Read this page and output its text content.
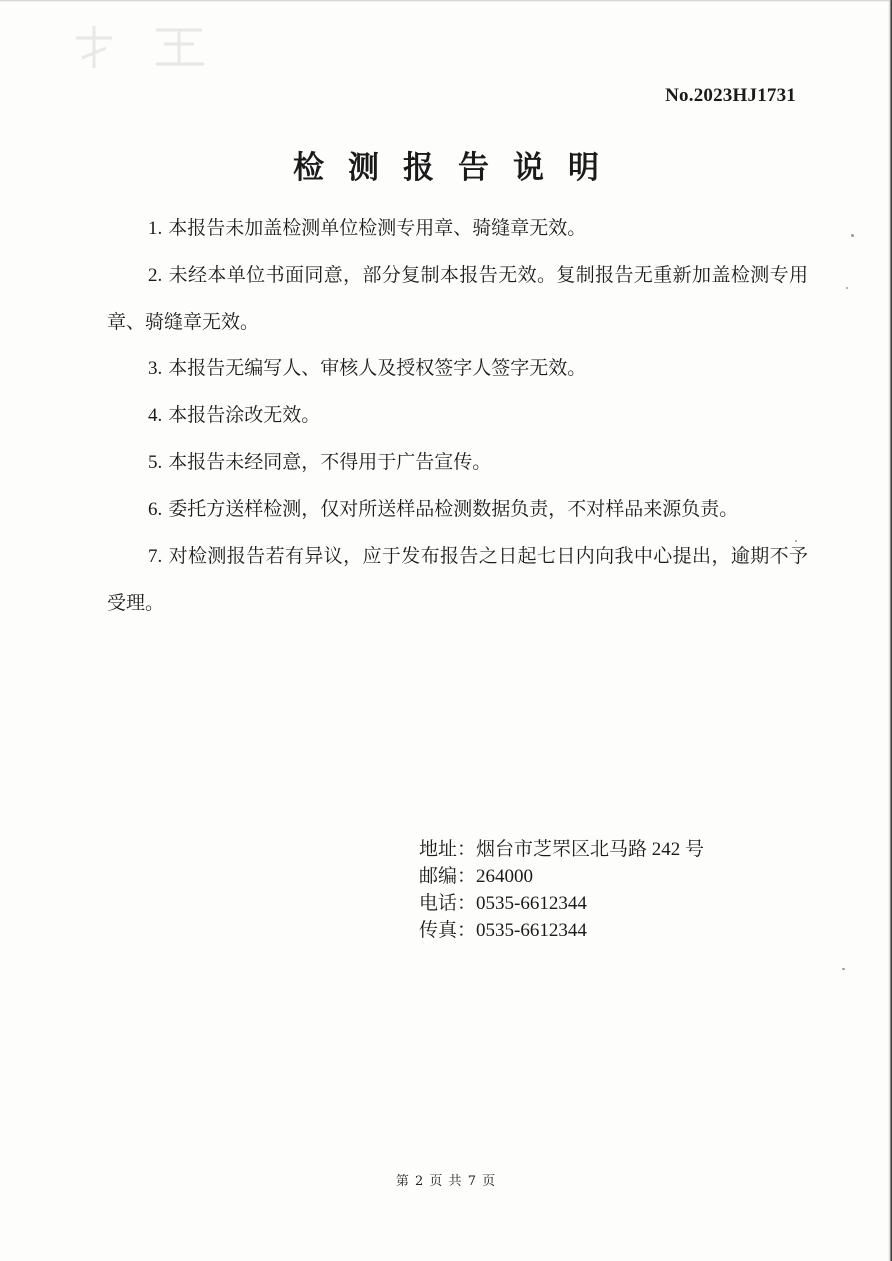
No.2023HJ1731
检测报告说明
1. 本报告未加盖检测单位检测专用章、骑缝章无效。
2. 未经本单位书面同意，部分复制本报告无效。复制报告无重新加盖检测专用章、骑缝章无效。
3. 本报告无编写人、审核人及授权签字人签字无效。
4. 本报告涂改无效。
5. 本报告未经同意，不得用于广告宣传。
6. 委托方送样检测，仅对所送样品检测数据负责，不对样品来源负责。
7. 对检测报告若有异议，应于发布报告之日起七日内向我中心提出，逾期不予受理。
地址：烟台市芝罘区北马路 242 号
邮编：264000
电话：0535-6612344
传真：0535-6612344
第 2 页 共 7 页
